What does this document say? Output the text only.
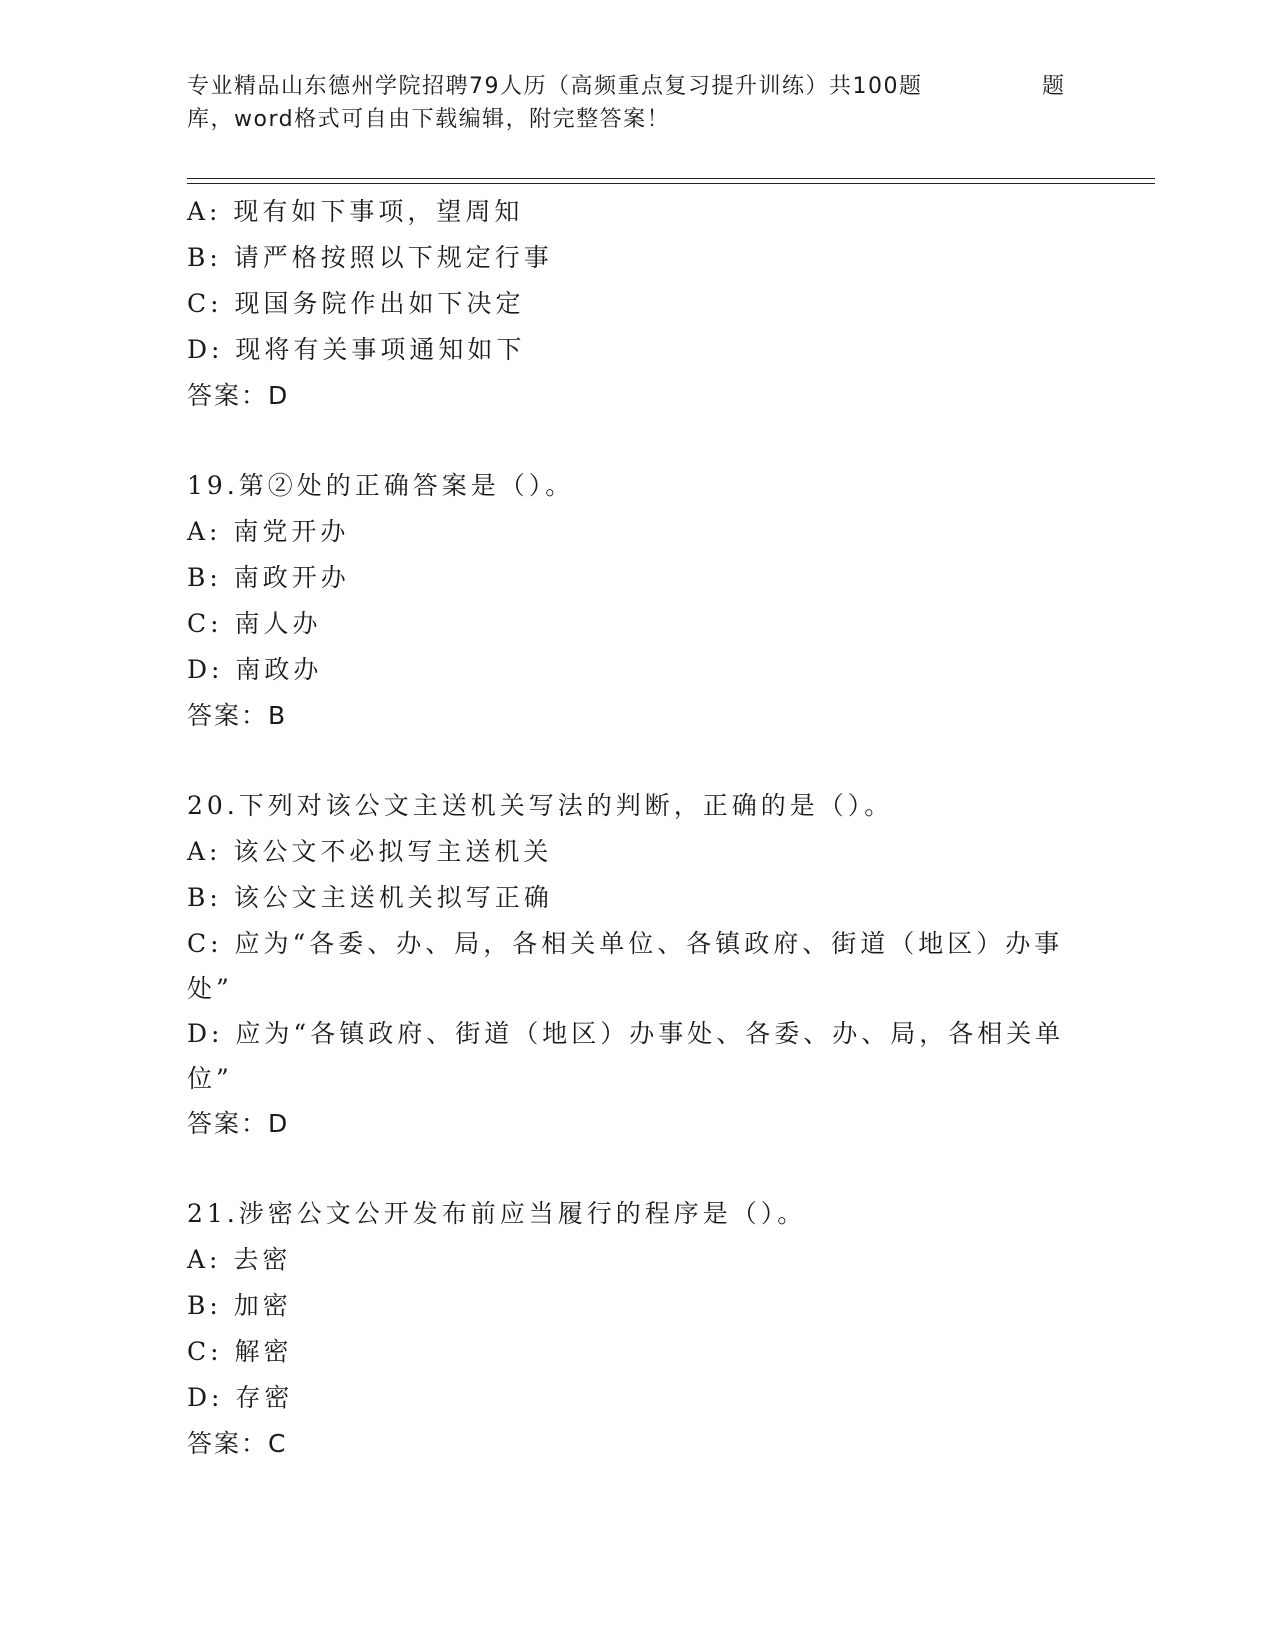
专业精品山东德州学院招聘79人历（高频重点复习提升训练）共100题	题
库，word格式可自由下载编辑，附完整答案！
A: 现有如下事项，望周知
B: 请严格按照以下规定行事
C: 现国务院作出如下决定
D: 现将有关事项通知如下
答案：D
19.第②处的正确答案是（）。
A: 南党开办
B: 南政开办
C: 南人办
D: 南政办
答案：B
20.下列对该公文主送机关写法的判断，正确的是（）。
A: 该公文不必拟写主送机关
B: 该公文主送机关拟写正确
C: 应为“各委、办、局，各相关单位、各镇政府、街道（地区）办事处”
D: 应为“各镇政府、街道（地区）办事处、各委、办、局，各相关单位”
答案：D
21.涉密公文公开发布前应当履行的程序是（）。
A: 去密
B: 加密
C: 解密
D: 存密
答案：C
